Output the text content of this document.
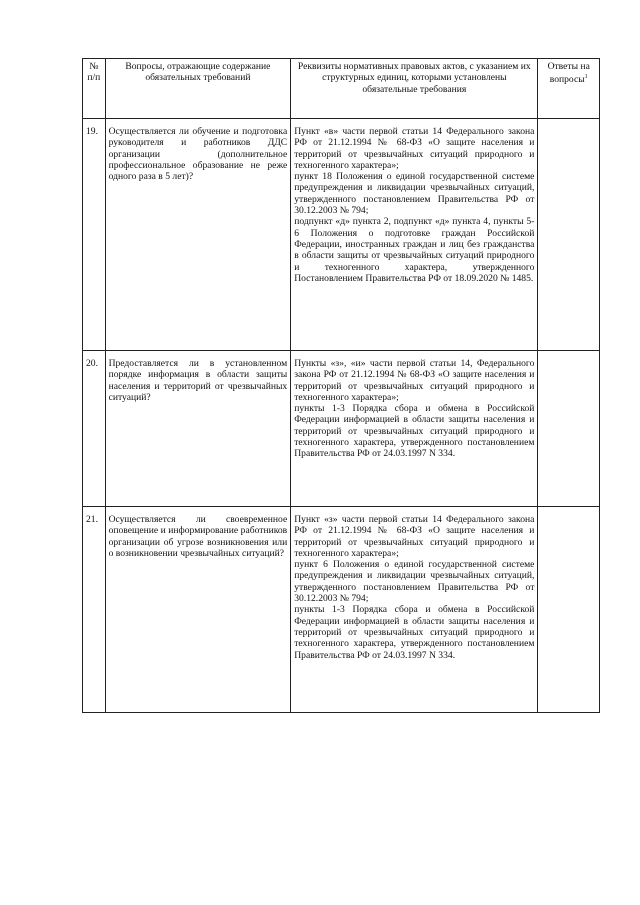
№ п/п	Вопросы, отражающие содержание обязательных требований	Реквизиты нормативных правовых актов, с указанием их структурных единиц, которыми установлены обязательные требования	Ответы на вопросы$^1$
19.	Осуществляется ли обучение и подготовка руководителя и работников ДДС организации (дополнительное профессиональное образование не реже одного раза в 5 лет)?	Пункт «в» части первой статьи 14 Федерального закона РФ от 21.12.1994 № 68-ФЗ «О защите населения и территорий от чрезвычайных ситуаций природного и техногенного характера»;
пункт 18 Положения о единой государственной системе предупреждения и ликвидации чрезвычайных ситуаций, утвержденного постановлением Правительства РФ от 30.12.2003 № 794;
подпункт «д» пункта 2, подпункт «д» пункта 4, пункты 5-6 Положения о подготовке граждан Российской Федерации, иностранных граждан и лиц без гражданства в области защиты от чрезвычайных ситуаций природного и техногенного характера, утвержденного Постановлением Правительства РФ от 18.09.2020 № 1485.	

20.	Предоставляется ли в установленном порядке информация в области защиты населения и территорий от чрезвычайных ситуаций?	Пункты «з», «и» части первой статьи 14, Федерального закона РФ от 21.12.1994 № 68-ФЗ «О защите населения и территорий от чрезвычайных ситуаций природного и техногенного характера»;
пункты 1-3 Порядка сбора и обмена в Российской Федерации информацией в области защиты населения и территорий от чрезвычайных ситуаций природного и техногенного характера, утвержденного постановлением Правительства РФ от 24.03.1997 N 334.	

21.	Осуществляется ли своевременное оповещение и информирование работников организации об угрозе возникновения или о возникновении чрезвычайных ситуаций?	Пункт «з» части первой статьи 14 Федерального закона РФ от 21.12.1994 № 68-ФЗ «О защите населения и территорий от чрезвычайных ситуаций природного и техногенного характера»;
пункт 6 Положения о единой государственной системе предупреждения и ликвидации чрезвычайных ситуаций, утвержденного постановлением Правительства РФ от 30.12.2003 № 794;
пункты 1-3 Порядка сбора и обмена в Российской Федерации информацией в области защиты населения и территорий от чрезвычайных ситуаций природного и техногенного характера, утвержденного постановлением Правительства РФ от 24.03.1997 N 334.	
